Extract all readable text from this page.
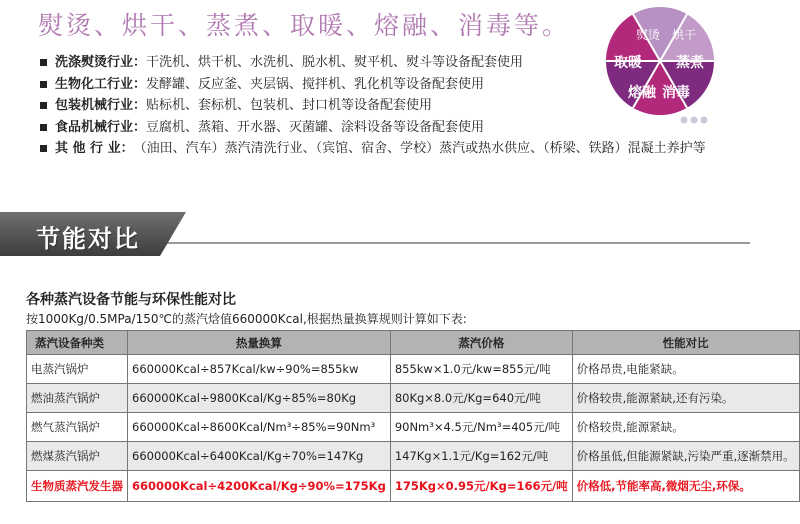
熨烫、烘干、蒸煮、取暖、熔融、消毒等。
洗涤熨烫行业： 干洗机、烘干机、水洗机、脱水机、熨平机、熨斗等设备配套使用
生物化工行业： 发酵罐、反应釜、夹层锅、搅拌机、乳化机等设备配套使用
包装机械行业： 贴标机、套标机、包装机、封口机等设备配套使用
食品机械行业： 豆腐机、蒸箱、开水器、灭菌罐、涂料设备等设备配套使用
其 他 行 业： （油田、汽车）蒸汽清洗行业、（宾馆、宿舍、学校）蒸汽或热水供应、（桥梁、铁路）混凝土养护等
熨烫 烘干
蒸煮
消毒
熔融
取暖
节能对比
各种蒸汽设备节能与环保性能对比
按1000Kg/0.5MPa/150℃的蒸汽焓值660000Kcal,根据热量换算规则计算如下表:
蒸汽设备种类	热量换算	蒸汽价格	性能对比
电蒸汽锅炉	660000Kcal÷857Kcal/kw÷90%=855kw	855kw×1.0元/kw=855元/吨	价格昂贵,电能紧缺。
燃油蒸汽锅炉	660000Kcal÷9800Kcal/Kg÷85%=80Kg	80Kg×8.0元/Kg=640元/吨	价格较贵,能源紧缺,还有污染。
燃气蒸汽锅炉	660000Kcal÷8600Kcal/Nm³÷85%=90Nm³	90Nm³×4.5元/Nm³=405元/吨	价格较贵,能源紧缺。
燃煤蒸汽锅炉	660000Kcal÷6400Kcal/Kg÷70%=147Kg	147Kg×1.1元/Kg=162元/吨	价格虽低,但能源紧缺,污染严重,逐渐禁用。
生物质蒸汽发生器	660000Kcal÷4200Kcal/Kg÷90%=175Kg	175Kg×0.95元/Kg=166元/吨	价格低,节能率高,微烟无尘,环保。
